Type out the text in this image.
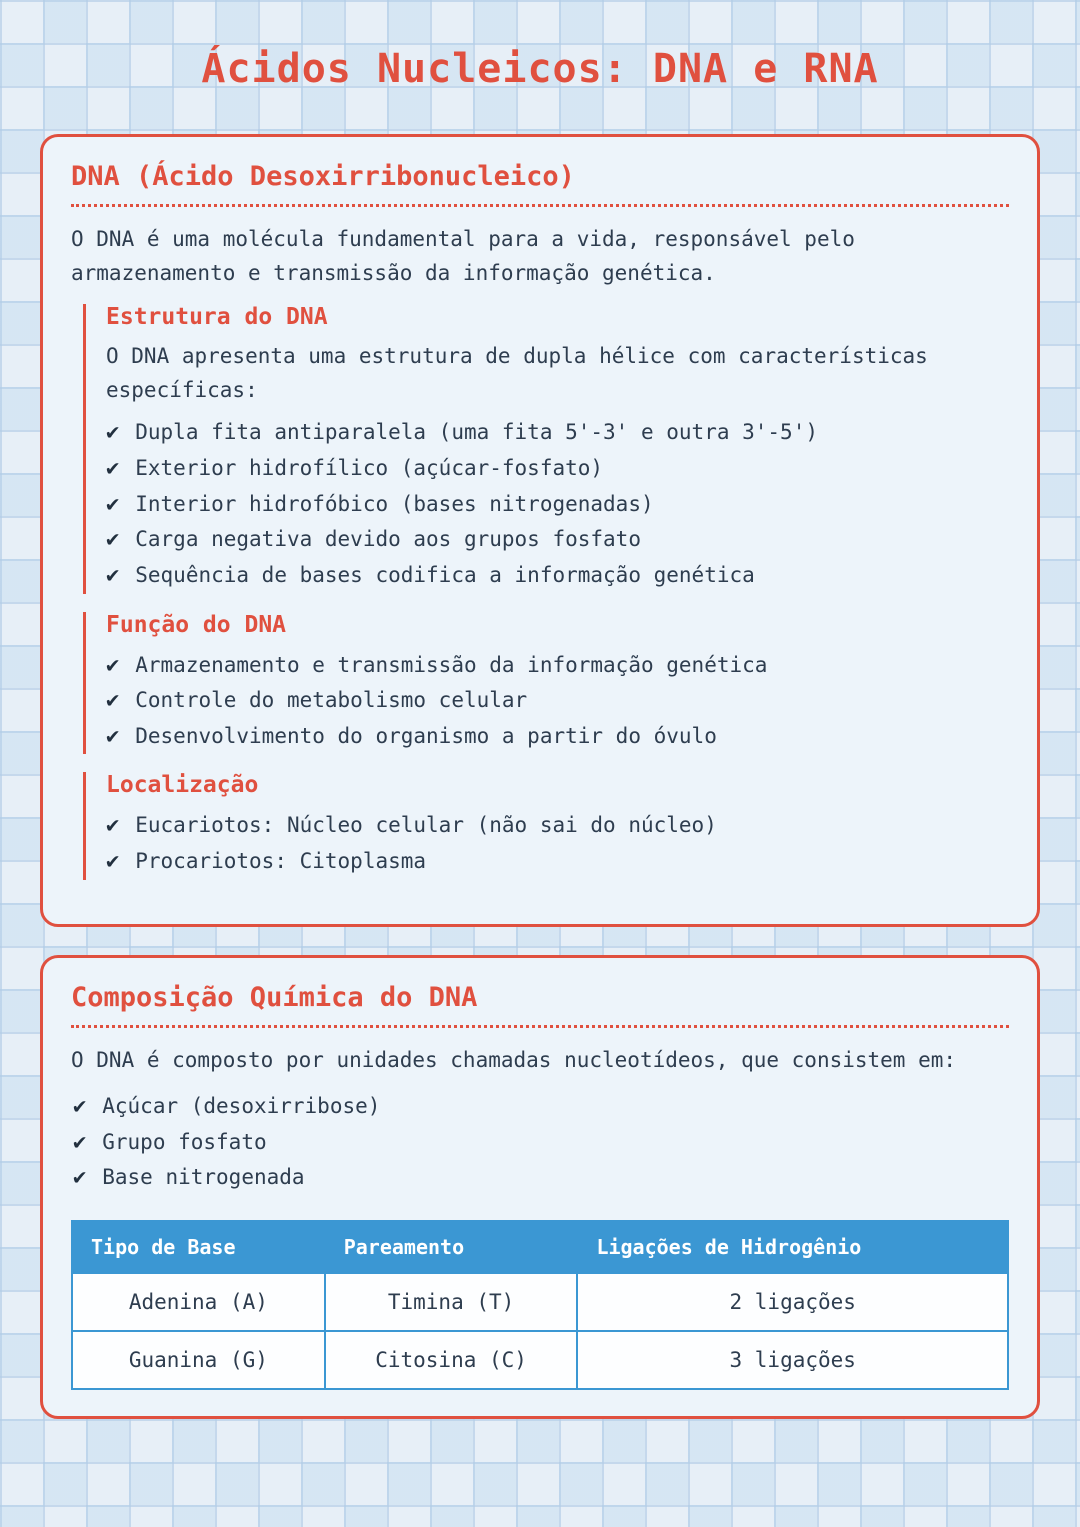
Ácidos Nucleicos: DNA e RNA
DNA (Ácido Desoxirribonucleico)

O DNA é uma molécula fundamental para a vida, responsável pelo armazenamento e transmissão da informação genética.

Estrutura do DNA

O DNA apresenta uma estrutura de dupla hélice com características específicas:

✔ Dupla fita antiparalela (uma fita 5'-3' e outra 3'-5')
✔ Exterior hidrofílico (açúcar-fosfato)
✔ Interior hidrofóbico (bases nitrogenadas)
✔ Carga negativa devido aos grupos fosfato
✔ Sequência de bases codifica a informação genética
Função do DNA
✔ Armazenamento e transmissão da informação genética
✔ Controle do metabolismo celular
✔ Desenvolvimento do organismo a partir do óvulo
Localização
✔ Eucariotos: Núcleo celular (não sai do núcleo)
✔ Procariotos: Citoplasma
Composição Química do DNA

O DNA é composto por unidades chamadas nucleotídeos, que consistem em:

✔ Açúcar (desoxirribose)
✔ Grupo fosfato
✔ Base nitrogenada
Tipo de Base	Pareamento	Ligações de Hidrogênio
Adenina (A)	Timina (T)	2 ligações
Guanina (G)	Citosina (C)	3 ligações
